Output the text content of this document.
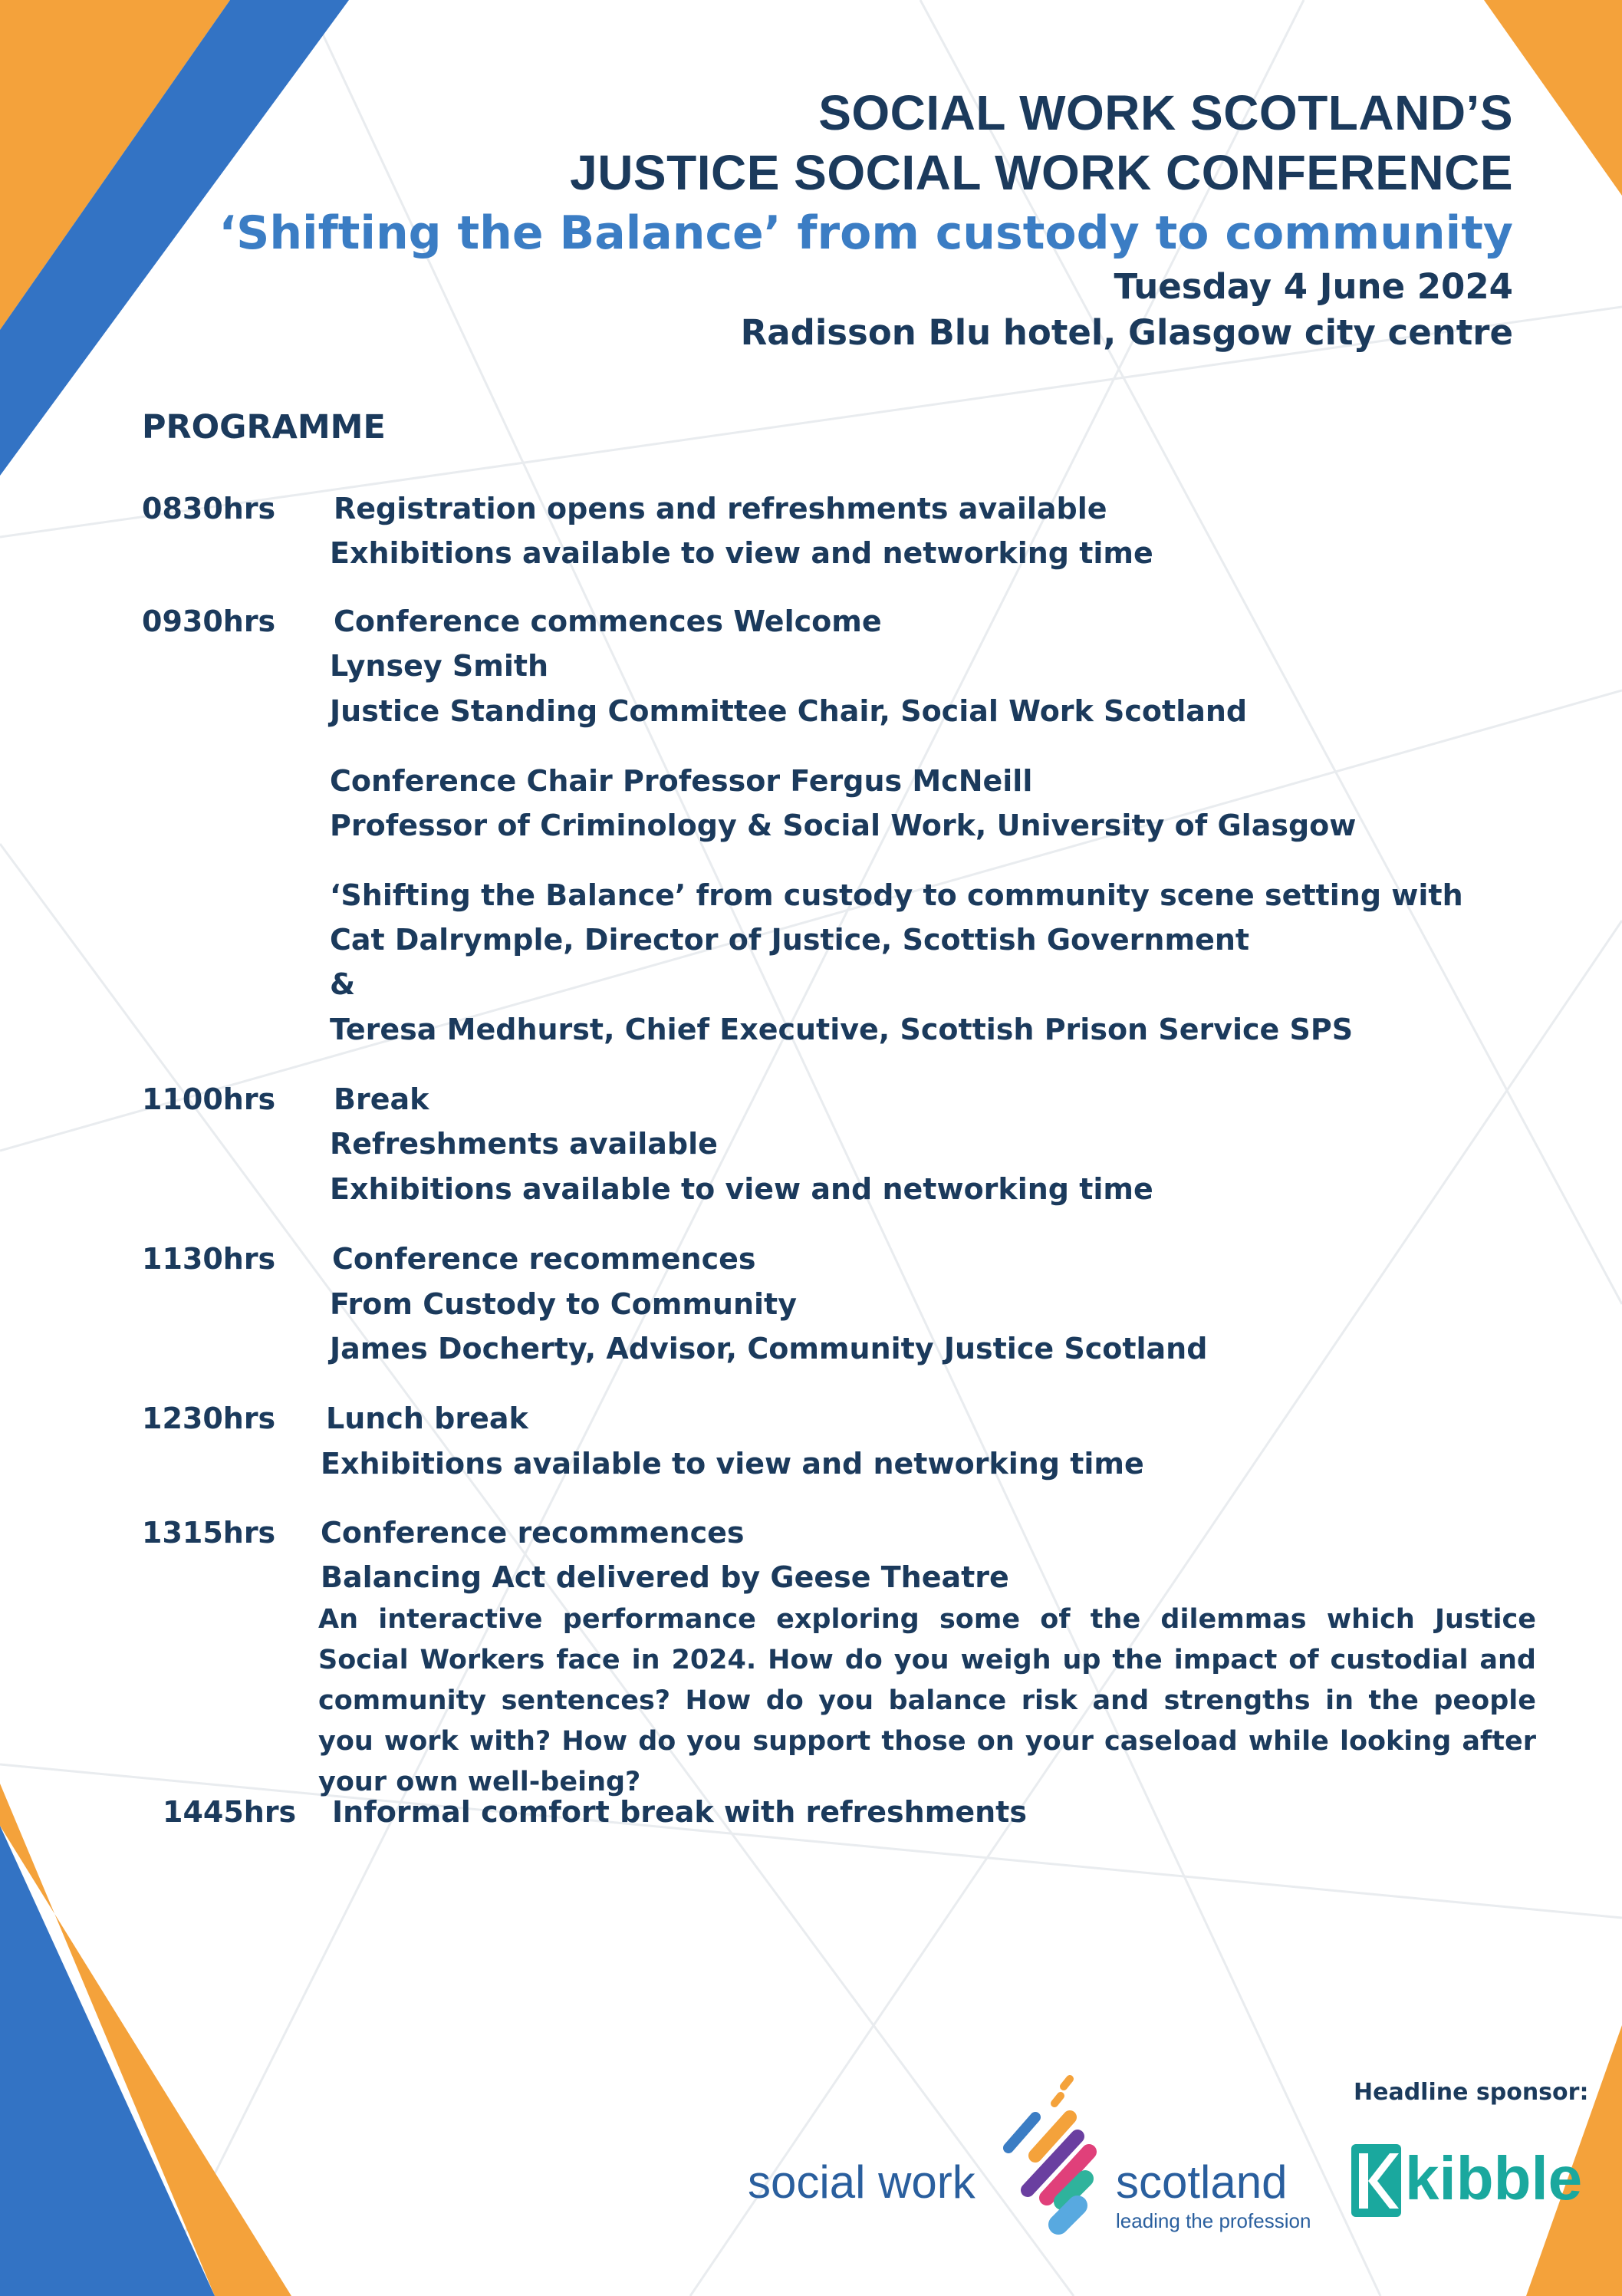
SOCIAL WORK SCOTLAND’S
JUSTICE SOCIAL WORK CONFERENCE
‘Shifting the Balance’ from custody to community
Tuesday 4 June 2024
Radisson Blu hotel, Glasgow city centre
PROGRAMME
0830hrs Registration opens and refreshments available
Exhibitions available to view and networking time
0930hrs Conference commences Welcome
Lynsey Smith
Justice Standing Committee Chair, Social Work Scotland
Conference Chair Professor Fergus McNeill
Professor of Criminology & Social Work, University of Glasgow
‘Shifting the Balance’ from custody to community scene setting with
Cat Dalrymple, Director of Justice, Scottish Government
&
Teresa Medhurst, Chief Executive, Scottish Prison Service SPS
1100hrs Break
Refreshments available
Exhibitions available to view and networking time
1130hrs Conference recommences
From Custody to Community
James Docherty, Advisor, Community Justice Scotland
1230hrs Lunch break
Exhibitions available to view and networking time
1315hrs Conference recommences
Balancing Act delivered by Geese Theatre
An interactive performance exploring some of the dilemmas which Justice Social Workers face in 2024. How do you weigh up the impact of custodial and community sentences? How do you balance risk and strengths in the people you work with? How do you support those on your caseload while looking after your own well-being?
1445hrs Informal comfort break with refreshments
social work	scotland
leading the profession
Headline sponsor:
kibble
